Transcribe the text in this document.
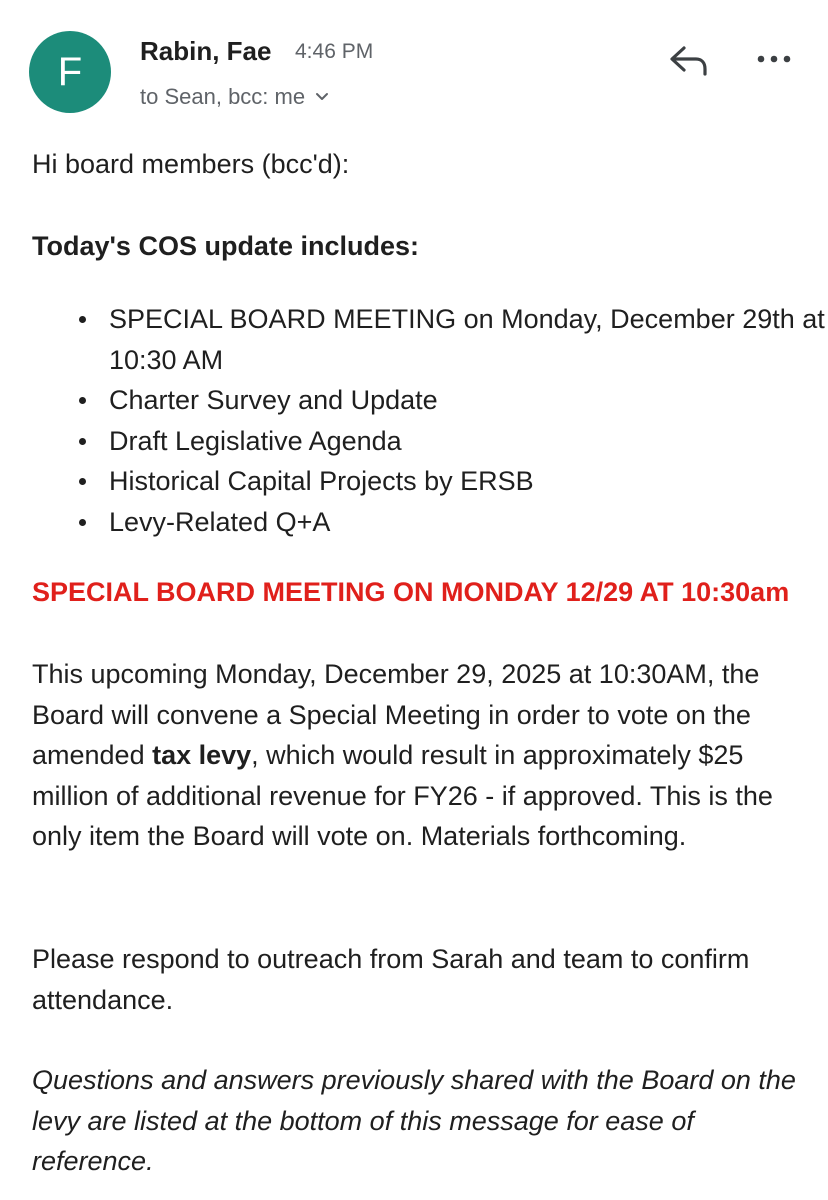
F	Rabin, Fae 4:46 PM
to Sean, bcc: me
Hi board members (bcc'd):
Today's COS update includes:
SPECIAL BOARD MEETING on Monday, December 29th at 10:30 AM
Charter Survey and Update
Draft Legislative Agenda
Historical Capital Projects by ERSB
Levy-Related Q+A
SPECIAL BOARD MEETING ON MONDAY 12/29 AT 10:30am
This upcoming Monday, December 29, 2025 at 10:30AM, the Board will convene a Special Meeting in order to vote on the amended tax levy, which would result in approximately $25 million of additional revenue for FY26 - if approved. This is the only item the Board will vote on. Materials forthcoming.
Please respond to outreach from Sarah and team to confirm attendance.
Questions and answers previously shared with the Board on the levy are listed at the bottom of this message for ease of reference.
